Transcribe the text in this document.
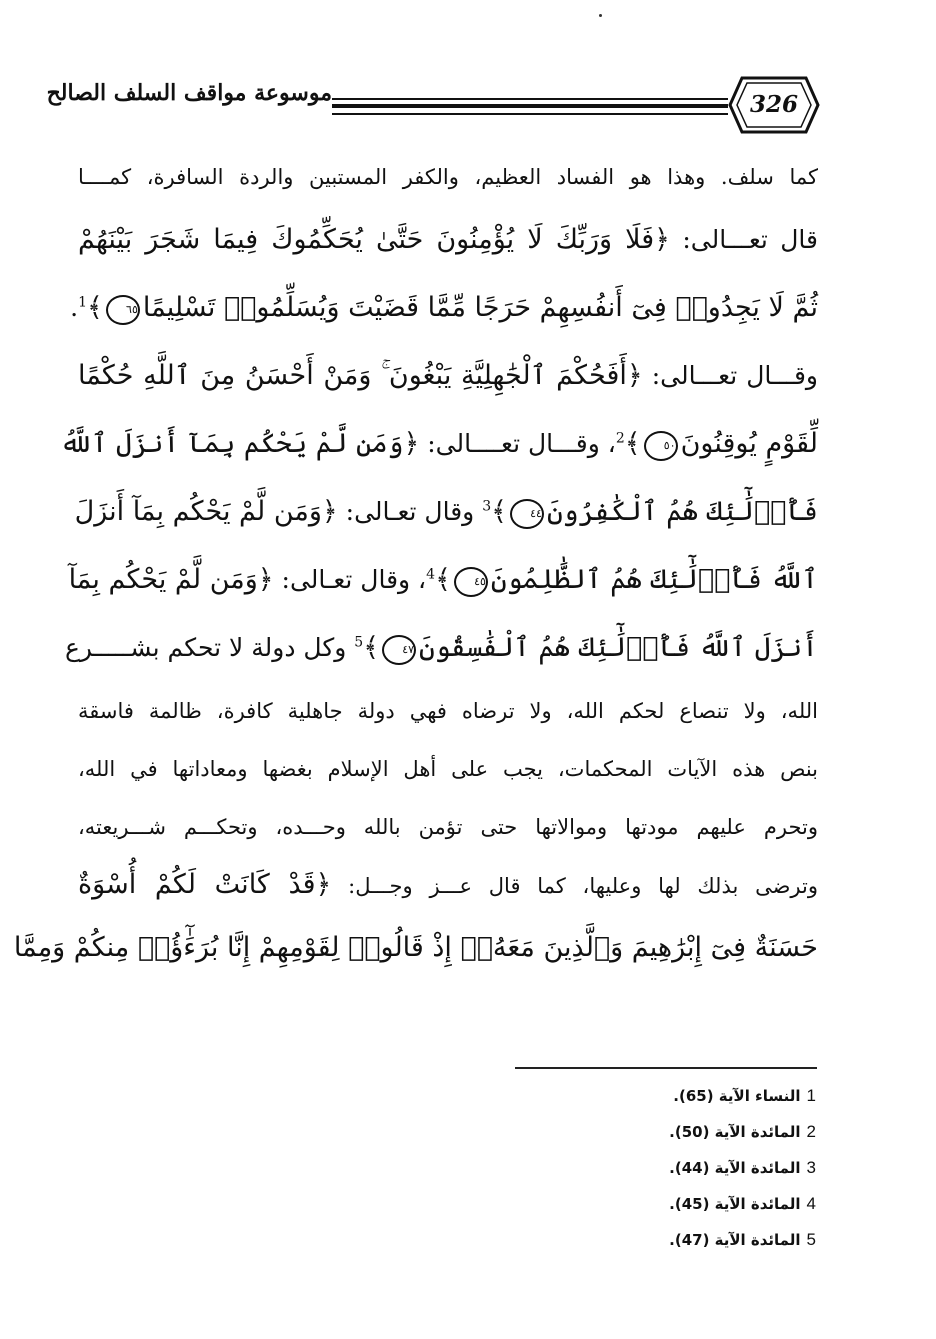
326
موسوعة مواقف السلف الصالح
كما سلف. وهذا هو الفساد العظيم، والكفر المستبين والردة السافرة، كمــــا
قال تعـــالى: ﴿فَلَا وَرَبِّكَ لَا يُؤْمِنُونَ حَتَّىٰ يُحَكِّمُوكَ فِيمَا شَجَرَ بَيْنَهُمْ
ثُمَّ لَا يَجِدُوا۟ فِىٓ أَنفُسِهِمْ حَرَجًا مِّمَّا قَضَيْتَ وَيُسَلِّمُوا۟ تَسْلِيمًا٦٥﴾$^1$.
وقـــال تعـــالى: ﴿أَفَحُكْمَ ٱلْجَٰهِلِيَّةِ يَبْغُونَ ۚ وَمَنْ أَحْسَنُ مِنَ ٱللَّهِ حُكْمًا
لِّقَوْمٍ يُوقِنُونَ٥٠﴾$^2$، وقـــال تعــــالى: ﴿وَمَن لَّمْ يَحْكُم بِمَآ أَنزَلَ ٱللَّهُ
فَأُو۟لَٰٓئِكَ هُمُ ٱلْكَٰفِرُونَ٤٤﴾$^3$ وقال تعـالى: ﴿وَمَن لَّمْ يَحْكُم بِمَآ أَنزَلَ
ٱللَّهُ فَأُو۟لَٰٓئِكَ هُمُ ٱلظَّٰلِمُونَ٤٥﴾$^4$، وقال تعـالى: ﴿وَمَن لَّمْ يَحْكُم بِمَآ
أَنزَلَ ٱللَّهُ فَأُو۟لَٰٓئِكَ هُمُ ٱلْفَٰسِقُونَ٤٧﴾$^5$ وكل دولة لا تحكم بشـــــرع
الله، ولا تنصاع لحكم الله، ولا ترضاه فهي دولة جاهلية كافرة، ظالمة فاسقة
بنص هذه الآيات المحكمات، يجب على أهل الإسلام بغضها ومعاداتها في الله،
وتحرم عليهم مودتها وموالاتها حتى تؤمن بالله وحـــده، وتحكـــم شـــريعته،
وترضى بذلك لها وعليها، كما قال عـــز وجـــل: ﴿قَدْ كَانَتْ لَكُمْ أُسْوَةٌ
حَسَنَةٌ فِىٓ إِبْرَٰهِيمَ وَٱلَّذِينَ مَعَهُۥٓ إِذْ قَالُوا۟ لِقَوْمِهِمْ إِنَّا بُرَءَٰٓؤُا۟ مِنكُمْ وَمِمَّا
1النساء الآية (65).
2المائدة الآية (50).
3المائدة الآية (44).
4المائدة الآية (45).
5المائدة الآية (47).
